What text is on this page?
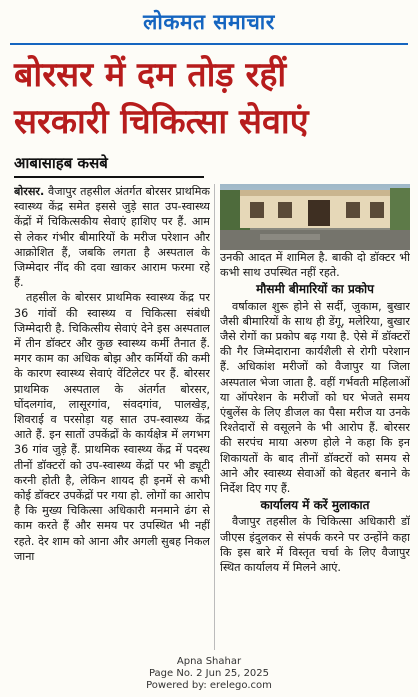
लोकमत समाचार
बोरसर में दम तोड़ रहीं
सरकारी चिकित्सा सेवाएं
आबासाहब कसबे

बोरसर. वैजापुर तहसील अंतर्गत बोरसर प्राथमिक स्वास्थ्य केंद्र समेत इससे जुड़े सात उप-स्वास्थ्य केंद्रों में चिकित्सकीय सेवाएं हाशिए पर हैं. आम से लेकर गंभीर बीमारियों के मरीज परेशान और आक्रोशित हैं, जबकि लगता है अस्पताल के जिम्मेदार नींद की दवा खाकर आराम फरमा रहे हैं.

तहसील के बोरसर प्राथमिक स्वास्थ्य केंद्र पर 36 गांवों की स्वास्थ्य व चिकित्सा संबंधी जिम्मेदारी है. चिकित्सीय सेवाएं देने इस अस्पताल में तीन डॉक्टर और कुछ स्वास्थ्य कर्मी तैनात हैं. मगर काम का अधिक बोझ और कर्मियों की कमी के कारण स्वास्थ्य सेवाएं वेंटिलेटर पर हैं. बोरसर प्राथमिक अस्पताल के अंतर्गत बोरसर, घोंदलगांव, लासूरगांव, संवदगांव, पालखेड़, शिवराई व परसोड़ा यह सात उप-स्वास्थ्य केंद्र आते हैं. इन सातों उपकेंद्रों के कार्यक्षेत्र में लगभग 36 गांव जुड़े हैं. प्राथमिक स्वास्थ्य केंद्र में पदस्थ तीनों डॉक्टरों को उप-स्वास्थ्य केंद्रों पर भी ड्यूटी करनी होती है, लेकिन शायद ही इनमें से कभी कोई डॉक्टर उपकेंद्रों पर गया हो. लोगों का आरोप है कि मुख्य चिकित्सा अधिकारी मनमाने ढंग से काम करते हैं और समय पर उपस्थित भी नहीं रहते. देर शाम को आना और अगली सुबह निकल जाना

उनकी आदत में शामिल है. बाकी दो डॉक्टर भी कभी साथ उपस्थित नहीं रहते.

मौसमी बीमारियों का प्रकोप

वर्षाकाल शुरू होने से सर्दी, जुकाम, बुखार जैसी बीमारियों के साथ ही डेंगू, मलेरिया, बुखार जैसे रोगों का प्रकोप बढ़ गया है. ऐसे में डॉक्टरों की गैर जिम्मेदाराना कार्यशैली से रोगी परेशान हैं. अधिकांश मरीजों को वैजापुर या जिला अस्पताल भेजा जाता है. वहीं गर्भवती महिलाओं या ऑपरेशन के मरीजों को घर भेजते समय एंबुलेंस के लिए डीजल का पैसा मरीज या उनके रिश्तेदारों से वसूलने के भी आरोप हैं. बोरसर की सरपंच माया अरुण होले ने कहा कि इन शिकायतों के बाद तीनों डॉक्टरों को समय से आने और स्वास्थ्य सेवाओं को बेहतर बनाने के निर्देश दिए गए हैं.

कार्यालय में करें मुलाकात

वैजापुर तहसील के चिकित्सा अधिकारी डॉ जीएस इंदुलकर से संपर्क करने पर उन्होंने कहा कि इस बारे में विस्तृत चर्चा के लिए वैजापुर स्थित कार्यालय में मिलने आएं.

Apna Shahar
Page No. 2 Jun 25, 2025
Powered by: erelego.com
